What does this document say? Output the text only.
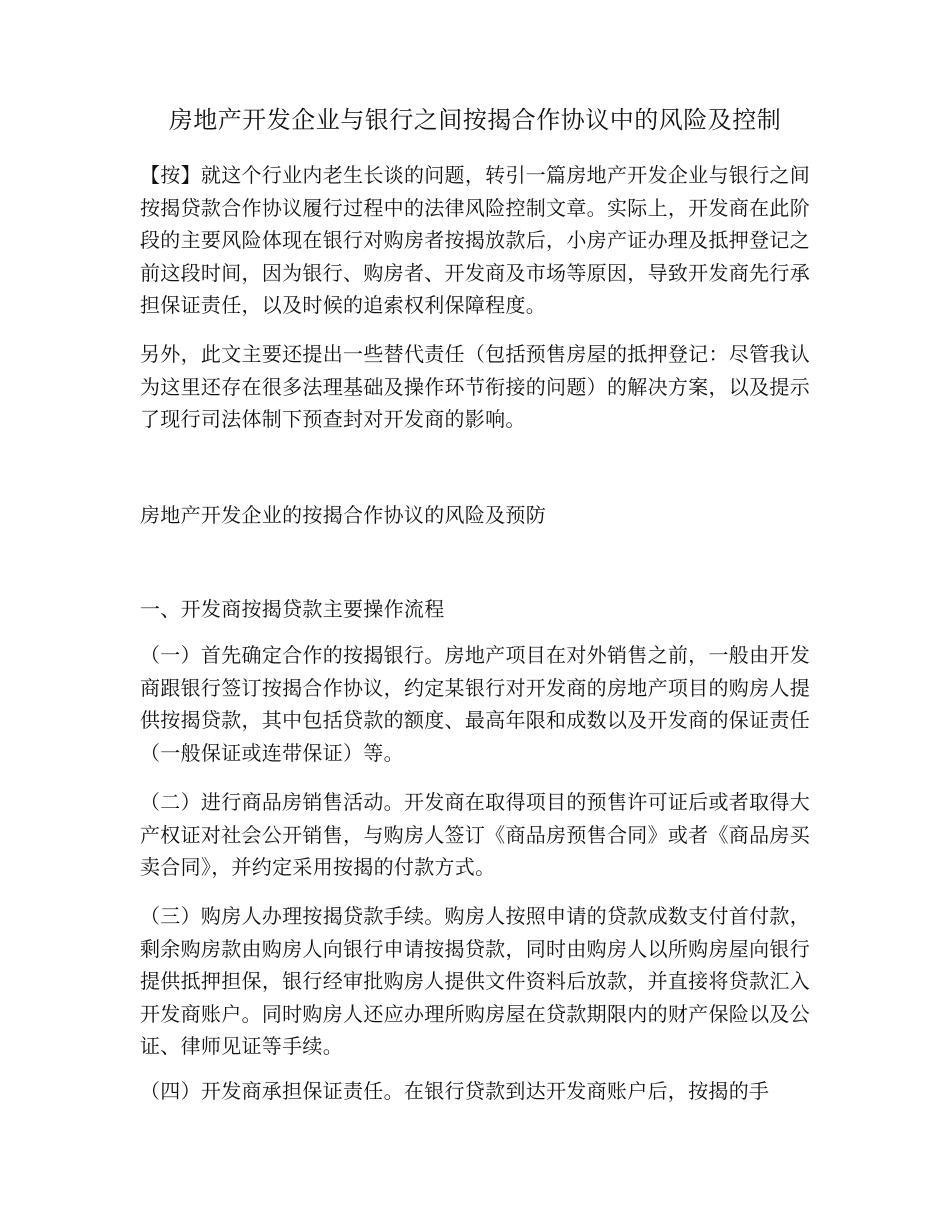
房地产开发企业与银行之间按揭合作协议中的风险及控制

【按】就这个行业内老生长谈的问题，转引一篇房地产开发企业与银行之间按揭贷款合作协议履行过程中的法律风险控制文章。实际上，开发商在此阶段的主要风险体现在银行对购房者按揭放款后，小房产证办理及抵押登记之前这段时间，因为银行、购房者、开发商及市场等原因，导致开发商先行承担保证责任，以及时候的追索权利保障程度。

另外，此文主要还提出一些替代责任（包括预售房屋的抵押登记：尽管我认为这里还存在很多法理基础及操作环节衔接的问题）的解决方案，以及提示了现行司法体制下预查封对开发商的影响。

房地产开发企业的按揭合作协议的风险及预防
一、开发商按揭贷款主要操作流程

（一）首先确定合作的按揭银行。房地产项目在对外销售之前，一般由开发商跟银行签订按揭合作协议，约定某银行对开发商的房地产项目的购房人提供按揭贷款，其中包括贷款的额度、最高年限和成数以及开发商的保证责任（一般保证或连带保证）等。

（二）进行商品房销售活动。开发商在取得项目的预售许可证后或者取得大产权证对社会公开销售，与购房人签订《商品房预售合同》或者《商品房买卖合同》，并约定采用按揭的付款方式。

（三）购房人办理按揭贷款手续。购房人按照申请的贷款成数支付首付款，剩余购房款由购房人向银行申请按揭贷款，同时由购房人以所购房屋向银行提供抵押担保，银行经审批购房人提供文件资料后放款，并直接将贷款汇入开发商账户。同时购房人还应办理所购房屋在贷款期限内的财产保险以及公证、律师见证等手续。

（四）开发商承担保证责任。在银行贷款到达开发商账户后，按揭的手
